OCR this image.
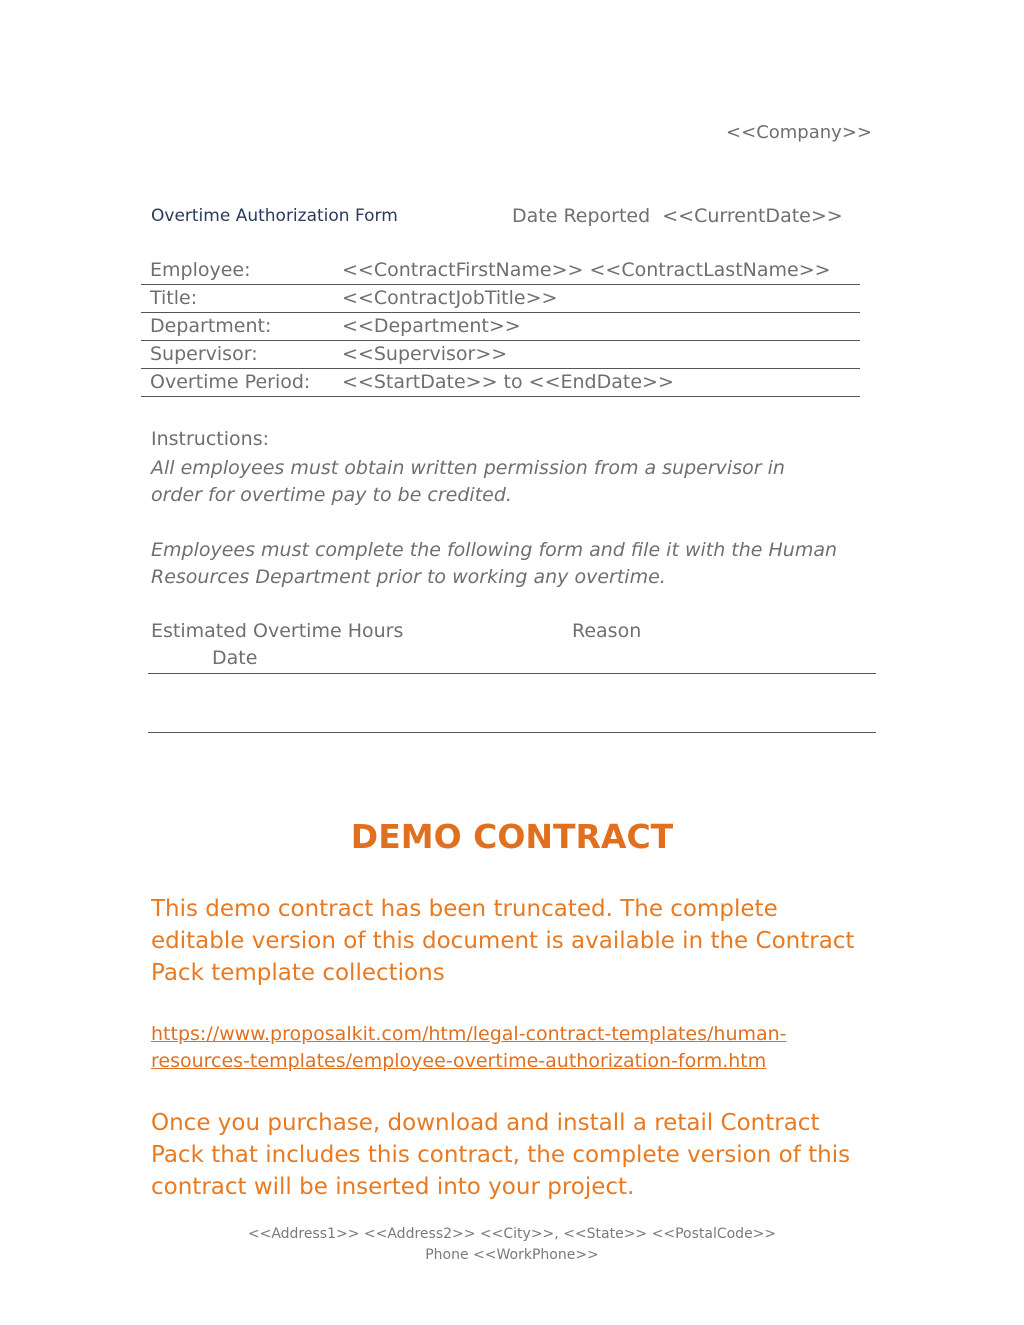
<<Company>>
Overtime Authorization Form	Date Reported <<CurrentDate>>
Employee:	<<ContractFirstName>> <<ContractLastName>>
Title:	<<ContractJobTitle>>
Department:	<<Department>>
Supervisor:	<<Supervisor>>
Overtime Period:	<<StartDate>> to <<EndDate>>
Instructions:
All employees must obtain written permission from a supervisor in order for overtime pay to be credited.
Employees must complete the following form and file it with the Human Resources Department prior to working any overtime.
Estimated Overtime Hours	Reason
Date
DEMO CONTRACT
This demo contract has been truncated. The complete editable version of this document is available in the Contract Pack template collections
https://www.proposalkit.com/htm/legal-contract-templates/human-resources-templates/employee-overtime-authorization-form.htm
Once you purchase, download and install a retail Contract Pack that includes this contract, the complete version of this contract will be inserted into your project.
<<Address1>> <<Address2>> <<City>>, <<State>> <<PostalCode>>
Phone <<WorkPhone>>
